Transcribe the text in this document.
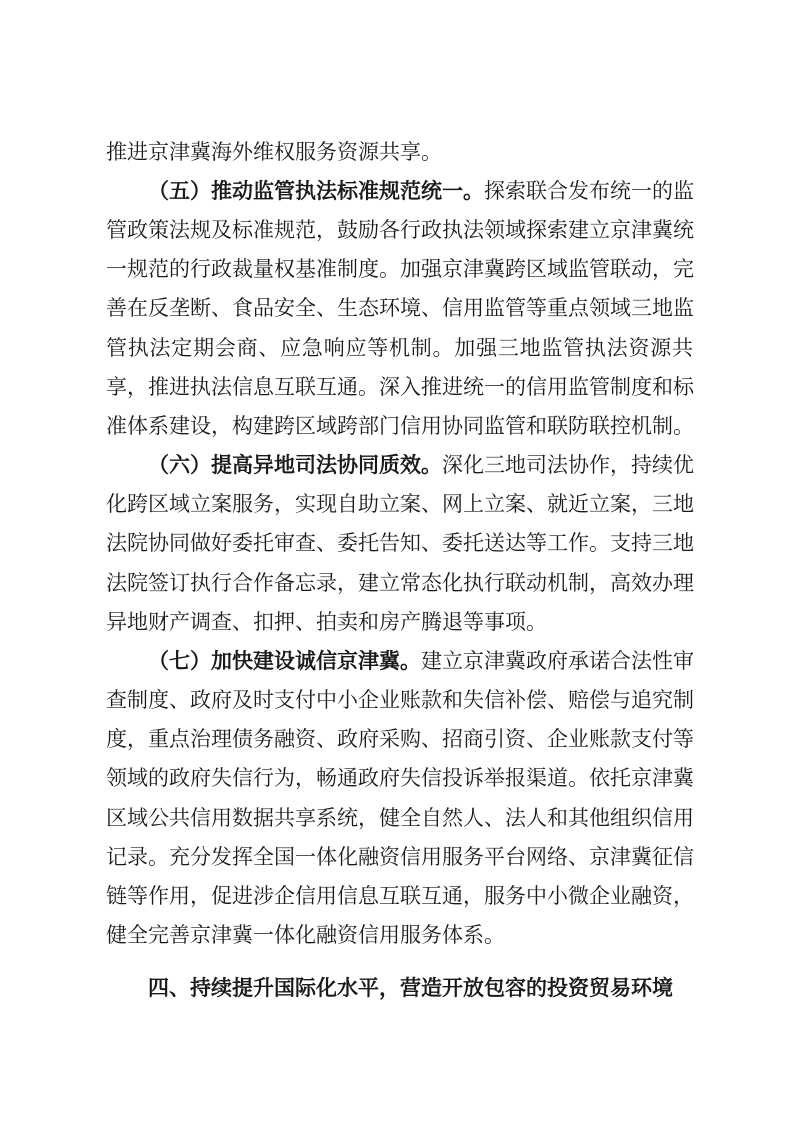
推进京津冀海外维权服务资源共享。
（五）推动监管执法标准规范统一。探索联合发布统一的监
管政策法规及标准规范，鼓励各行政执法领域探索建立京津冀统
一规范的行政裁量权基准制度。加强京津冀跨区域监管联动，完
善在反垄断、食品安全、生态环境、信用监管等重点领域三地监
管执法定期会商、应急响应等机制。加强三地监管执法资源共
享，推进执法信息互联互通。深入推进统一的信用监管制度和标
准体系建设，构建跨区域跨部门信用协同监管和联防联控机制。
（六）提高异地司法协同质效。深化三地司法协作，持续优
化跨区域立案服务，实现自助立案、网上立案、就近立案，三地
法院协同做好委托审查、委托告知、委托送达等工作。支持三地
法院签订执行合作备忘录，建立常态化执行联动机制，高效办理
异地财产调查、扣押、拍卖和房产腾退等事项。
（七）加快建设诚信京津冀。建立京津冀政府承诺合法性审
查制度、政府及时支付中小企业账款和失信补偿、赔偿与追究制
度，重点治理债务融资、政府采购、招商引资、企业账款支付等
领域的政府失信行为，畅通政府失信投诉举报渠道。依托京津冀
区域公共信用数据共享系统，健全自然人、法人和其他组织信用
记录。充分发挥全国一体化融资信用服务平台网络、京津冀征信
链等作用，促进涉企信用信息互联互通，服务中小微企业融资，
健全完善京津冀一体化融资信用服务体系。
四、持续提升国际化水平，营造开放包容的投资贸易环境
